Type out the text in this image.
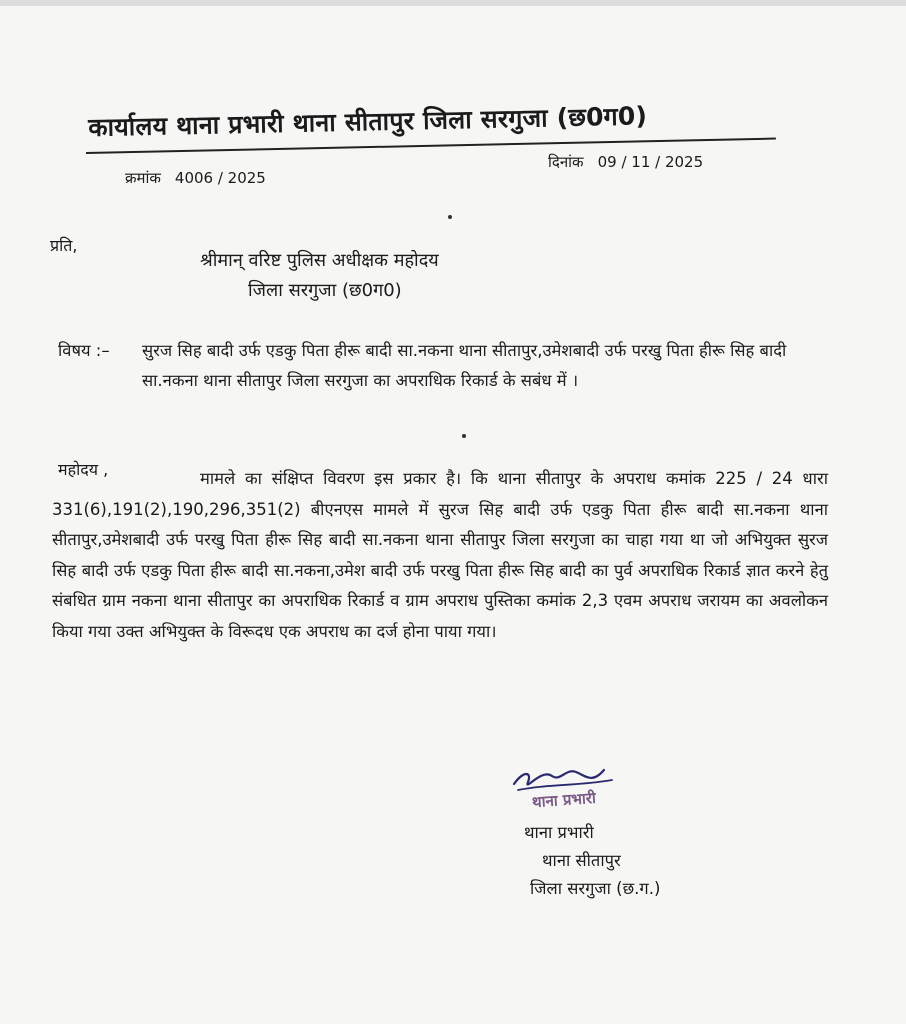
कार्यालय थाना प्रभारी थाना सीतापुर जिला सरगुजा (छ0ग0)
दिनांक 09 / 11 / 2025
क्रमांक 4006 / 2025
प्रति,
श्रीमान् वरिष्ट पुलिस अधीक्षक महोदय
जिला सरगुजा (छ0ग0)
विषय :– सुरज सिह बादी उर्फ एडकु पिता हीरू बादी सा.नकना थाना सीतापुर,उमेशबादी उर्फ परखु पिता हीरू सिह बादी सा.नकना थाना सीतापुर जिला सरगुजा का अपराधिक रिकार्ड के सबंध में ।
महोदय ,	मामले का संक्षिप्त विवरण इस प्रकार है। कि थाना सीतापुर के अपराध कमांक 225 / 24 धारा 331(6),191(2),190,296,351(2) बीएनएस मामले में सुरज सिह बादी उर्फ एडकु पिता हीरू बादी सा.नकना थाना सीतापुर,उमेशबादी उर्फ परखु पिता हीरू सिह बादी सा.नकना थाना सीतापुर जिला सरगुजा का चाहा गया था जो अभियुक्त सुरज सिह बादी उर्फ एडकु पिता हीरू बादी सा.नकना,उमेश बादी उर्फ परखु पिता हीरू सिह बादी का पुर्व अपराधिक रिकार्ड ज्ञात करने हेतु संबधित ग्राम नकना थाना सीतापुर का अपराधिक रिकार्ड व ग्राम अपराध पुस्तिका कमांक 2,3 एवम अपराध जरायम का अवलोकन किया गया उक्त अभियुक्त के विरूदध एक अपराध का दर्ज होना पाया गया।
थाना प्रभारी
थाना प्रभारी
थाना सीतापुर
जिला सरगुजा (छ.ग.)
